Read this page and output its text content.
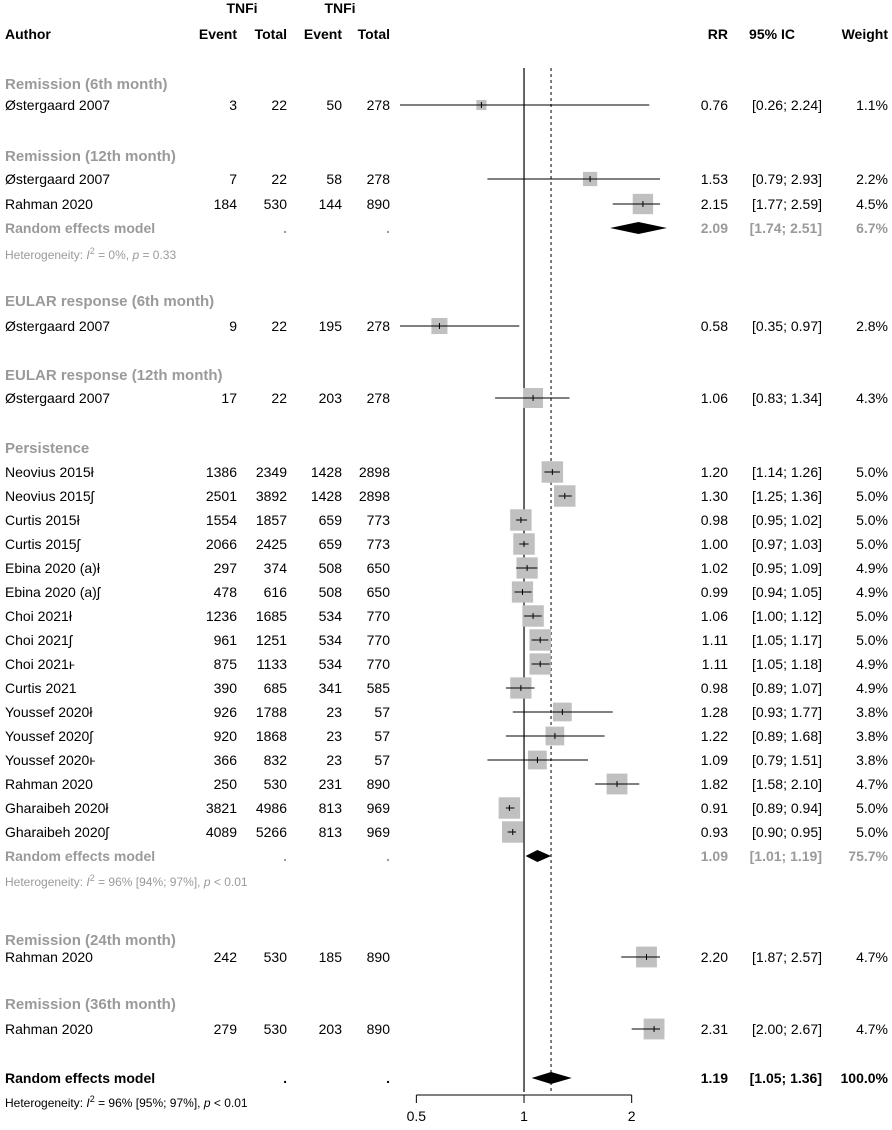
TNFi	TNFi
Author	Event Total Event Total	RR 95% IC	Weight
0.5	1	2
Remission (6th month)
Østergaard 2007	3 22	50 278	0.76 [0.26; 2.24] 1.1%
Remission (12th month)
Østergaard 2007	7 22	58 278	1.53 [0.79; 2.93] 2.2%
Rahman 2020	184 530 144 890	2.15 [1.77; 2.59] 4.5%
Random effects model	.	.	2.09 [1.74; 2.51] 6.7%
Heterogeneity: $I^2 = 0\%$, p = 0.33
EULAR response (6th month)
Østergaard 2007	9 22 195 278	0.58 [0.35; 0.97] 2.8%
EULAR response (12th month)
Østergaard 2007	17 22 203 278	1.06 [0.83; 1.34] 4.3%
Persistence
Neovius 2015ł	1386 2349 1428 2898	1.20 [1.14; 1.26] 5.0%
Neovius 2015ʃ	2501 3892 1428 2898	1.30 [1.25; 1.36] 5.0%
Curtis 2015ł	1554 1857 659 773	0.98 [0.95; 1.02] 5.0%
Curtis 2015ʃ	2066 2425 659 773	1.00 [0.97; 1.03] 5.0%
Ebina 2020 (a)ł	297 374 508 650	1.02 [0.95; 1.09] 4.9%
Ebina 2020 (a)ʃ	478 616 508 650	0.99 [0.94; 1.05] 4.9%
Choi 2021ł	1236 1685 534 770	1.06 [1.00; 1.12] 5.0%
Choi 2021ʃ	961 1251 534 770	1.11 [1.05; 1.17] 5.0%
Choi 2021ⱶ	875 1133 534 770	1.11 [1.05; 1.18] 4.9%
Curtis 2021	390 685 341 585	0.98 [0.89; 1.07] 4.9%
Youssef 2020ł	926 1788	23 57	1.28 [0.93; 1.77] 3.8%
Youssef 2020ʃ	920 1868	23 57	1.22 [0.89; 1.68] 3.8%
Youssef 2020ⱶ	366 832	23 57	1.09 [0.79; 1.51] 3.8%
Rahman 2020	250 530 231 890	1.82 [1.58; 2.10] 4.7%
Gharaibeh 2020ł	3821 4986 813 969	0.91 [0.89; 0.94] 5.0%
Gharaibeh 2020ʃ	4089 5266 813 969	0.93 [0.90; 0.95] 5.0%
Random effects model	.	.	1.09 [1.01; 1.19] 75.7%
Heterogeneity: $I^2 = 96\%$ [94%; 97%], p < 0.01
Remission (24th month)
Rahman 2020	242 530 185 890	2.20 [1.87; 2.57] 4.7%
Remission (36th month)
Rahman 2020	279 530 203 890	2.31 [2.00; 2.67] 4.7%
Random effects model	.	.	1.19 [1.05; 1.36] 100.0%
Heterogeneity: $I^2 = 96\%$ [95%; 97%], p < 0.01
